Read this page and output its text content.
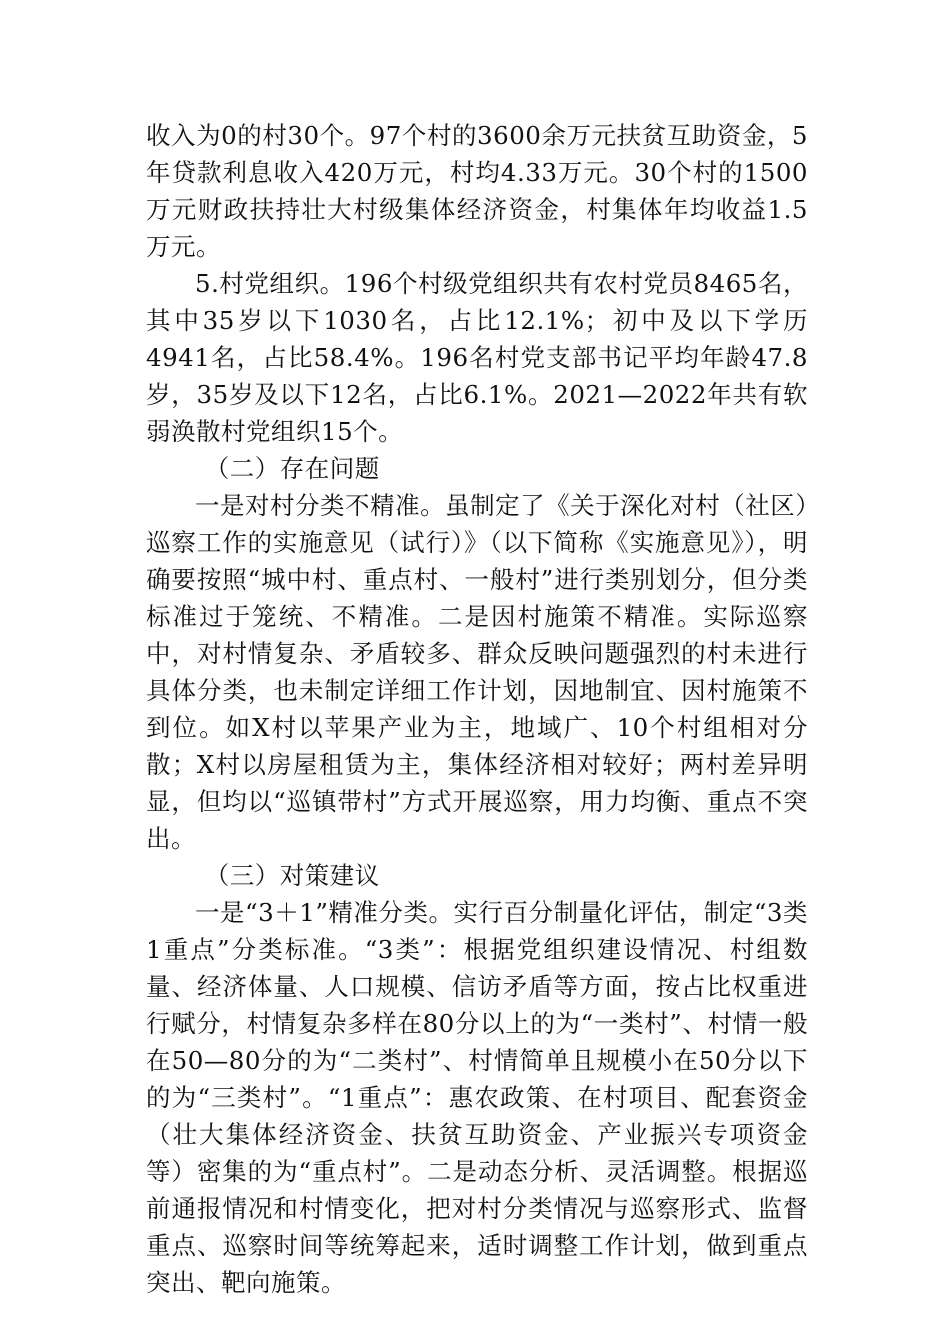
收入为0的村30个。97个村的3600余万元扶贫互助资金，5年贷款利息收入420万元，村均4.33万元。30个村的1500万元财政扶持壮大村级集体经济资金，村集体年均收益1.5万元。

5.村党组织。196个村级党组织共有农村党员8465名，其中35岁以下1030名，占比12.1%；初中及以下学历4941名，占比58.4%。196名村党支部书记平均年龄47.8岁，35岁及以下12名，占比6.1%。2021—2022年共有软弱涣散村党组织15个。

（二）存在问题

一是对村分类不精准。虽制定了《关于深化对村（社区）巡察工作的实施意见（试行）》（以下简称《实施意见》），明确要按照“城中村、重点村、一般村”进行类别划分，但分类标准过于笼统、不精准。二是因村施策不精准。实际巡察中，对村情复杂、矛盾较多、群众反映问题强烈的村未进行具体分类，也未制定详细工作计划，因地制宜、因村施策不到位。如X村以苹果产业为主，地域广、10个村组相对分散；X村以房屋租赁为主，集体经济相对较好；两村差异明显，但均以“巡镇带村”方式开展巡察，用力均衡、重点不突出。

（三）对策建议

一是“3＋1”精准分类。实行百分制量化评估，制定“3类1重点”分类标准。“3类”：根据党组织建设情况、村组数量、经济体量、人口规模、信访矛盾等方面，按占比权重进行赋分，村情复杂多样在80分以上的为“一类村”、村情一般在50—80分的为“二类村”、村情简单且规模小在50分以下的为“三类村”。“1重点”：惠农政策、在村项目、配套资金（壮大集体经济资金、扶贫互助资金、产业振兴专项资金等）密集的为“重点村”。二是动态分析、灵活调整。根据巡前通报情况和村情变化，把对村分类情况与巡察形式、监督重点、巡察时间等统筹起来，适时调整工作计划，做到重点突出、靶向施策。
